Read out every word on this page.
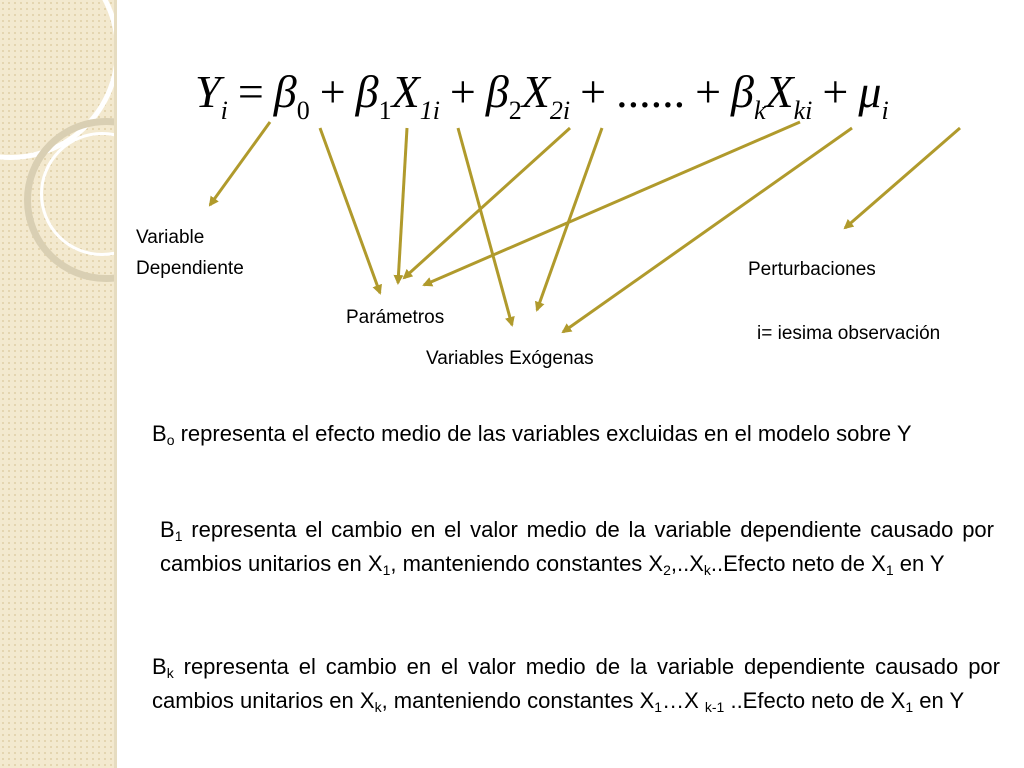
$Y_i = \beta_0 + \beta_1X_{1i} + \beta_2X_{2i}$ + ...... + $\beta_kX_{ki} + \mu_i$
Variable
Dependiente
Parámetros
Variables Exógenas
Perturbaciones
i= iesima observación
$B_o$ representa el efecto medio de las variables excluidas en el modelo sobre Y
$B_1$ representa el cambio en el valor medio de la variable dependiente causado por cambios unitarios en $X_1$, manteniendo constantes $X_2,..X_k..Efecto$ neto de $X_1$ en Y
$B_k$ representa el cambio en el valor medio de la variable dependiente causado por cambios unitarios en $X_k$, manteniendo constantes $X_1\dots X$ $_{k-1}$ ..Efecto neto de $X_1$ en Y
